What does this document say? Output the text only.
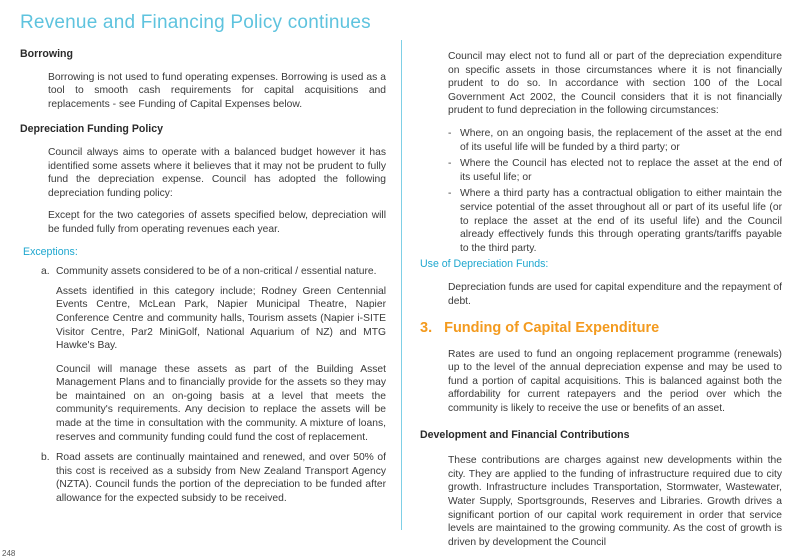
Revenue and Financing Policy continues
Borrowing

Borrowing is not used to fund operating expenses. Borrowing is used as a tool to smooth cash requirements for capital acquisitions and replacements - see Funding of Capital Expenses below.

Depreciation Funding Policy

Council always aims to operate with a balanced budget however it has identified some assets where it believes that it may not be prudent to fully fund the depreciation expense. Council has adopted the following depreciation funding policy:

Except for the two categories of assets specified below, depreciation will be funded fully from operating revenues each year.

Exceptions:
a. Community assets considered to be of a non-critical / essential nature.
Assets identified in this category include; Rodney Green Centennial Events Centre, McLean Park, Napier Municipal Theatre, Napier Conference Centre and community halls, Tourism assets (Napier i-SITE Visitor Centre, Par2 MiniGolf, National Aquarium of NZ) and MTG Hawke's Bay.
Council will manage these assets as part of the Building Asset Management Plans and to financially provide for the assets so they may be maintained on an on-going basis at a level that meets the community's requirements. Any decision to replace the assets will be made at the time in consultation with the community. A mixture of loans, reserves and community funding could fund the cost of replacement.
b. Road assets are continually maintained and renewed, and over 50% of this cost is received as a subsidy from New Zealand Transport Agency (NZTA). Council funds the portion of the depreciation to be funded after allowance for the expected subsidy to be received.

Council may elect not to fund all or part of the depreciation expenditure on specific assets in those circumstances where it is not financially prudent to do so. In accordance with section 100 of the Local Government Act 2002, the Council considers that it is not financially prudent to fund depreciation in the following circumstances:

- Where, on an ongoing basis, the replacement of the asset at the end of its useful life will be funded by a third party; or
- Where the Council has elected not to replace the asset at the end of its useful life; or
- Where a third party has a contractual obligation to either maintain the service potential of the asset throughout all or part of its useful life (or to replace the asset at the end of its useful life) and the Council already effectively funds this through operating grants/tariffs payable to the third party.
Use of Depreciation Funds:

Depreciation funds are used for capital expenditure and the repayment of debt.

3. Funding of Capital Expenditure

Rates are used to fund an ongoing replacement programme (renewals) up to the level of the annual depreciation expense and may be used to fund a portion of capital acquisitions. This is balanced against both the affordability for current ratepayers and the period over which the community is likely to receive the use or benefits of an asset.

Development and Financial Contributions

These contributions are charges against new developments within the city. They are applied to the funding of infrastructure required due to city growth. Infrastructure includes Transportation, Stormwater, Wastewater, Water Supply, Sportsgrounds, Reserves and Libraries. Growth drives a significant portion of our capital work requirement in order that service levels are maintained to the growing community. As the cost of growth is driven by development the Council

248
